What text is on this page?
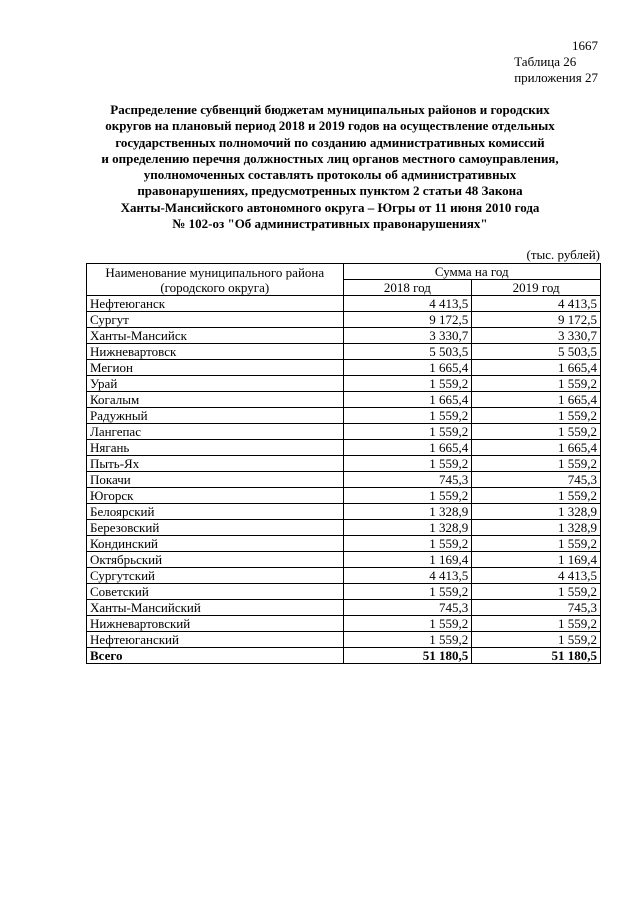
1667
Таблица 26
приложения 27
Распределение субвенций бюджетам муниципальных районов и городских
округов на плановый период 2018 и 2019 годов на осуществление отдельных
государственных полномочий по созданию административных комиссий
и определению перечня должностных лиц органов местного самоуправления,
уполномоченных составлять протоколы об административных
правонарушениях, предусмотренных пунктом 2 статьи 48 Закона
Ханты-Мансийского автономного округа – Югры от 11 июня 2010 года
№ 102-оз "Об административных правонарушениях"
(тыс. рублей)
Наименование муниципального района
(городского округа)	Сумма на год	
	2018 год	2019 год
Нефтеюганск	4 413,5	4 413,5
Сургут	9 172,5	9 172,5
Ханты-Мансийск	3 330,7	3 330,7
Нижневартовск	5 503,5	5 503,5
Мегион	1 665,4	1 665,4
Урай	1 559,2	1 559,2
Когалым	1 665,4	1 665,4
Радужный	1 559,2	1 559,2
Лангепас	1 559,2	1 559,2
Нягань	1 665,4	1 665,4
Пыть-Ях	1 559,2	1 559,2
Покачи	745,3	745,3
Югорск	1 559,2	1 559,2
Белоярский	1 328,9	1 328,9
Березовский	1 328,9	1 328,9
Кондинский	1 559,2	1 559,2
Октябрьский	1 169,4	1 169,4
Сургутский	4 413,5	4 413,5
Советский	1 559,2	1 559,2
Ханты-Мансийский	745,3	745,3
Нижневартовский	1 559,2	1 559,2
Нефтеюганский	1 559,2	1 559,2
Всего	51 180,5	51 180,5
